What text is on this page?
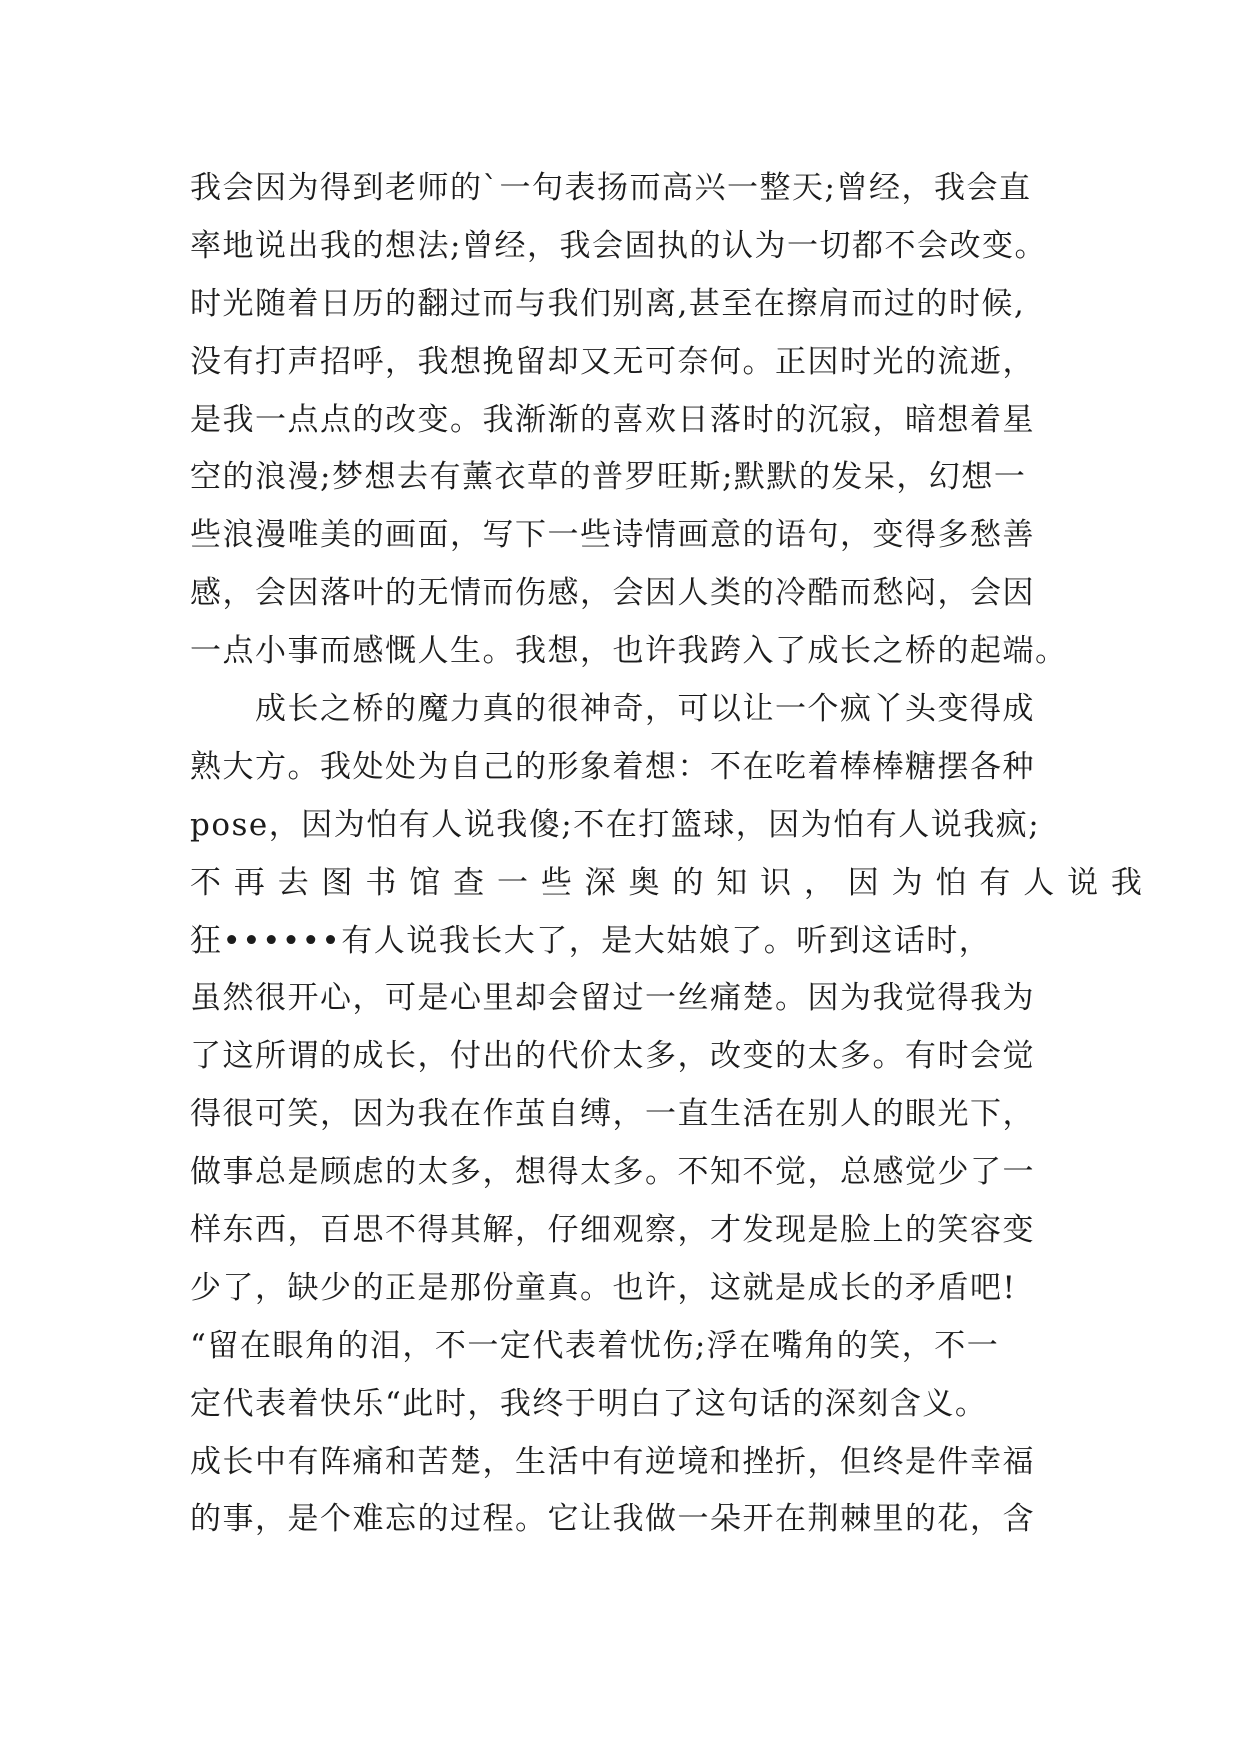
我会因为得到老师的`一句表扬而高兴一整天;曾经，我会直
率地说出我的想法;曾经，我会固执的认为一切都不会改变。
时光随着日历的翻过而与我们别离,甚至在擦肩而过的时候,
没有打声招呼，我想挽留却又无可奈何。正因时光的流逝，
是我一点点的改变。我渐渐的喜欢日落时的沉寂，暗想着星
空的浪漫;梦想去有薰衣草的普罗旺斯;默默的发呆，幻想一
些浪漫唯美的画面，写下一些诗情画意的语句，变得多愁善
感，会因落叶的无情而伤感，会因人类的冷酷而愁闷，会因
一点小事而感慨人生。我想，也许我跨入了成长之桥的起端。
　　成长之桥的魔力真的很神奇，可以让一个疯丫头变得成
熟大方。我处处为自己的形象着想：不在吃着棒棒糖摆各种
pose，因为怕有人说我傻;不在打篮球，因为怕有人说我疯;
不 再 去 图 书 馆 查 一 些 深 奥 的 知 识 ， 因 为 怕 有 人 说 我
狂••••••有人说我长大了，是大姑娘了。听到这话时，
虽然很开心，可是心里却会留过一丝痛楚。因为我觉得我为
了这所谓的成长，付出的代价太多，改变的太多。有时会觉
得很可笑，因为我在作茧自缚，一直生活在别人的眼光下，
做事总是顾虑的太多，想得太多。不知不觉，总感觉少了一
样东西，百思不得其解，仔细观察，才发现是脸上的笑容变
少了，缺少的正是那份童真。也许，这就是成长的矛盾吧!
“留在眼角的泪，不一定代表着忧伤;浮在嘴角的笑，不一
定代表着快乐“此时，我终于明白了这句话的深刻含义。
成长中有阵痛和苦楚，生活中有逆境和挫折，但终是件幸福
的事，是个难忘的过程。它让我做一朵开在荆棘里的花，含
